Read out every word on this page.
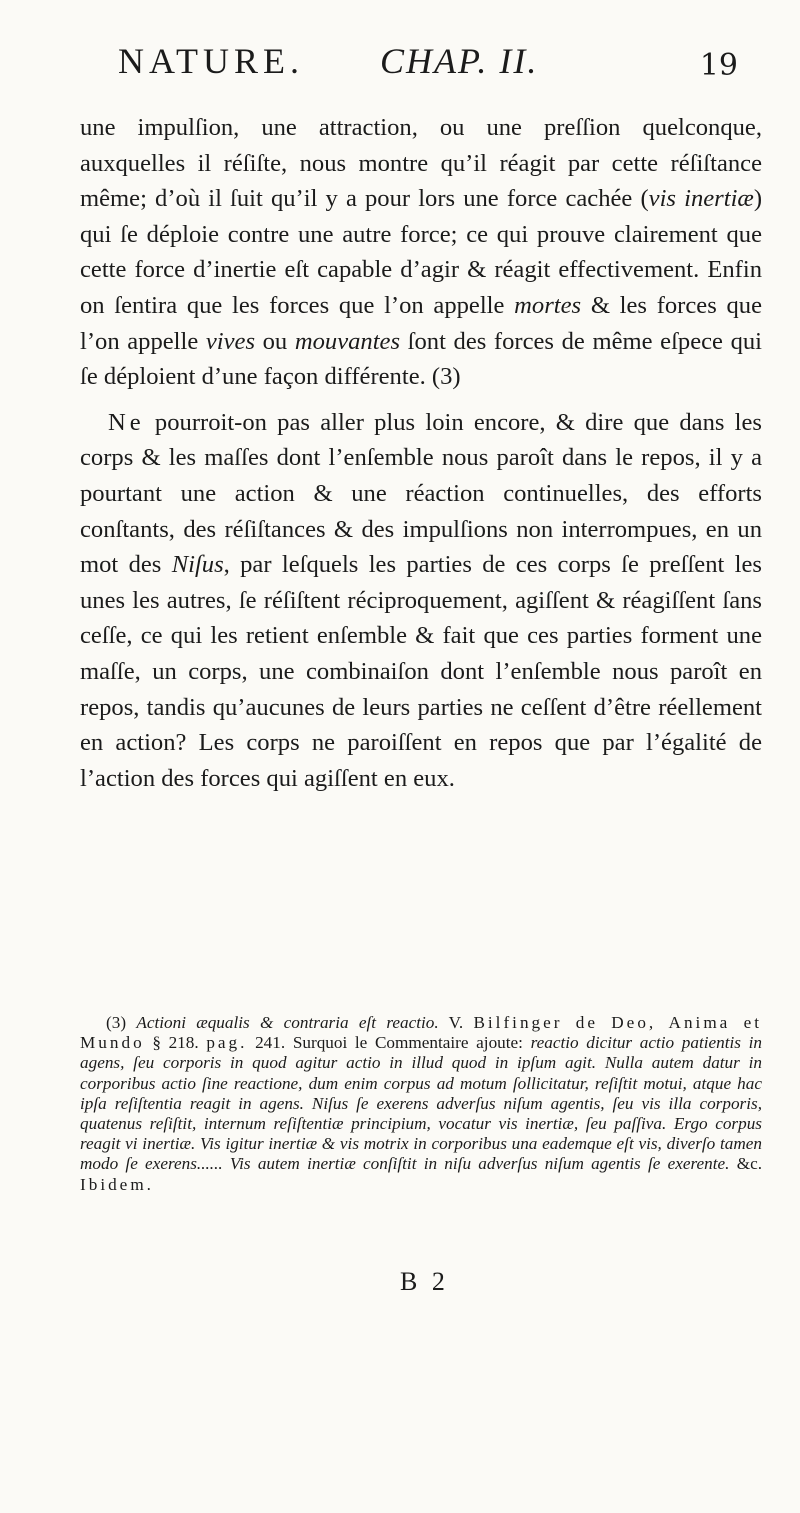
NATURE. CHAP. II.	19

une impulſion, une attraction, ou une preſſion quelconque, auxquelles il réſiſte, nous montre qu’il réagit par cette réſiſtance même; d’où il ſuit qu’il y a pour lors une force cachée (vis inertiæ) qui ſe déploie contre une autre force; ce qui prouve clairement que cette force d’inertie eſt capable d’agir & réagit effectivement. Enfin on ſentira que les forces que l’on appelle mortes & les forces que l’on appelle vives ou mouvantes ſont des forces de même eſpece qui ſe déploient d’une façon différente. (3)

Ne pourroit-on pas aller plus loin encore, & dire que dans les corps & les maſſes dont l’enſemble nous paroît dans le repos, il y a pourtant une action & une réaction continuelles, des efforts conſtants, des réſiſtances & des impulſions non interrompues, en un mot des Niſus, par leſquels les parties de ces corps ſe preſſent les unes les autres, ſe réſiſtent réciproquement, agiſſent & réagiſſent ſans ceſſe, ce qui les retient enſemble & fait que ces parties forment une maſſe, un corps, une combinaiſon dont l’enſemble nous paroît en repos, tandis qu’aucunes de leurs parties ne ceſſent d’être réellement en action? Les corps ne paroiſſent en repos que par l’égalité de l’action des forces qui agiſſent en eux.

(3) Actioni æqualis & contraria eſt reactio. V. Bilfinger de Deo, Anima et Mundo § 218. pag. 241. Surquoi le Commentaire ajoute: reactio dicitur actio patientis in agens, ſeu corporis in quod agitur actio in illud quod in ipſum agit. Nulla autem datur in corporibus actio ſine reactione, dum enim corpus ad motum ſollicitatur, reſiſtit motui, atque hac ipſa reſiſtentia reagit in agens. Niſus ſe exerens adverſus niſum agentis, ſeu vis illa corporis, quatenus reſiſtit, internum reſiſtentiæ principium, vocatur vis inertiæ, ſeu paſſiva. Ergo corpus reagit vi inertiæ. Vis igitur inertiæ & vis motrix in corporibus una eademque eſt vis, diverſo tamen modo ſe exerens...... Vis autem inertiæ conſiſtit in niſu adverſus niſum agentis ſe exerente. &c. Ibidem.
B 2
